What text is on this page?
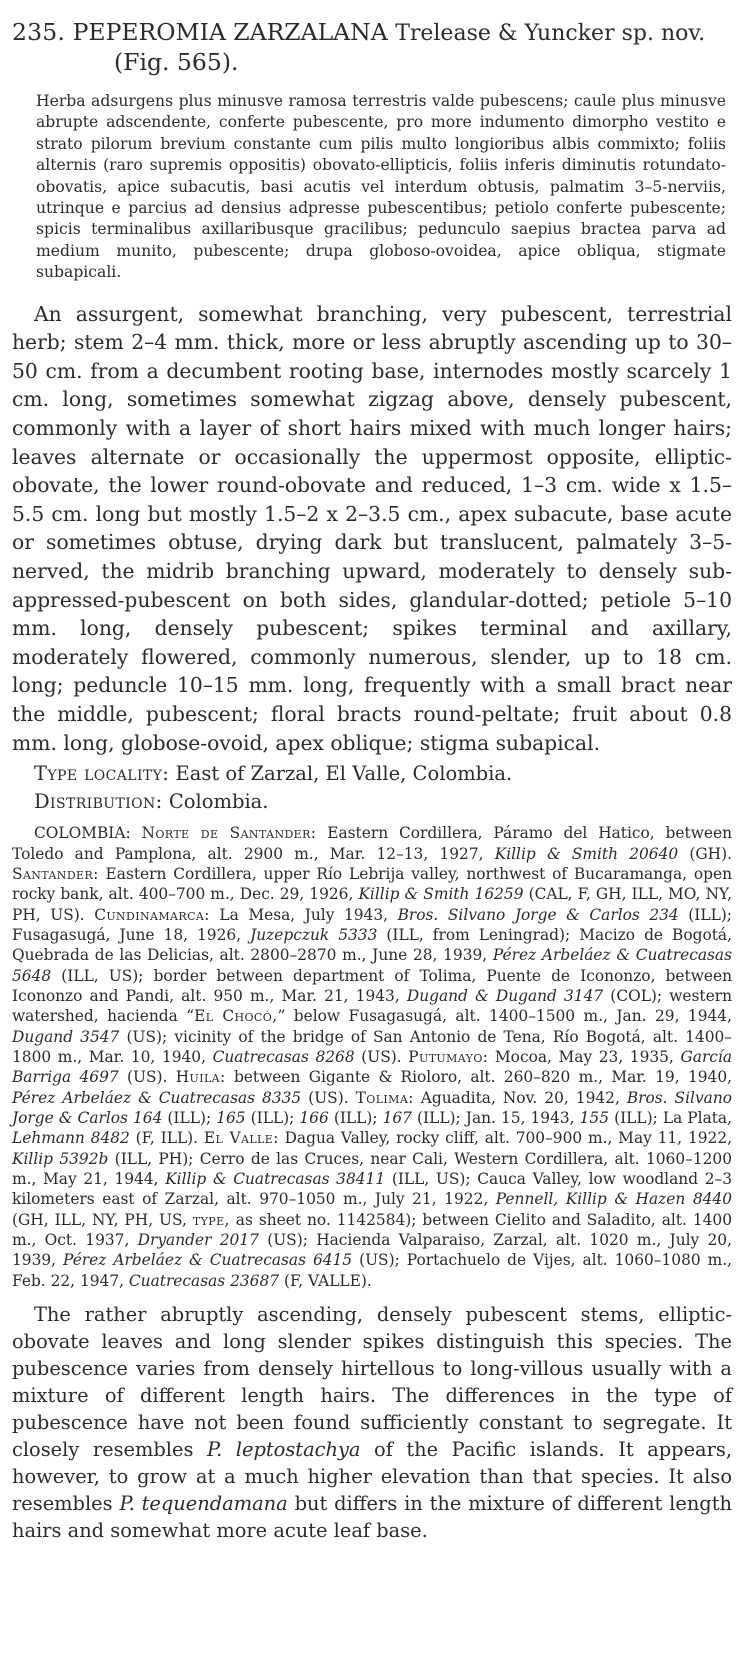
235. PEPEROMIA ZARZALANA Trelease & Yuncker sp. nov.
(Fig. 565).

Herba adsurgens plus minusve ramosa terrestris valde pubescens; caule plus minusve abrupte adscendente, conferte pubescente, pro more indumento dimorpho vestito e strato pilorum brevium constante cum pilis multo longioribus albis commixto; foliis alternis (raro supremis oppositis) obovato-ellipticis, foliis inferis diminutis rotundato-obovatis, apice subacutis, basi acutis vel interdum obtusis, palmatim 3–5-nerviis, utrinque e parcius ad densius adpresse pubescentibus; petiolo conferte pubescente; spicis terminalibus axillaribusque gracilibus; pedunculo saepius bractea parva ad medium munito, pubescente; drupa globoso-ovoidea, apice obliqua, stigmate subapicali.

An assurgent, somewhat branching, very pubescent, terrestrial herb; stem 2–4 mm. thick, more or less abruptly ascending up to 30–50 cm. from a decumbent rooting base, internodes mostly scarcely 1 cm. long, sometimes somewhat zigzag above, densely pubescent, commonly with a layer of short hairs mixed with much longer hairs; leaves alternate or occasionally the uppermost opposite, elliptic-obovate, the lower round-obovate and reduced, 1–3 cm. wide x 1.5–5.5 cm. long but mostly 1.5–2 x 2–3.5 cm., apex subacute, base acute or sometimes obtuse, drying dark but translucent, palmately 3–5-nerved, the midrib branching upward, moderately to densely sub-appressed-pubescent on both sides, glandular-dotted; petiole 5–10 mm. long, densely pubescent; spikes terminal and axillary, moderately flowered, commonly numerous, slender, up to 18 cm. long; peduncle 10–15 mm. long, frequently with a small bract near the middle, pubescent; floral bracts round-peltate; fruit about 0.8 mm. long, globose-ovoid, apex oblique; stigma subapical.

Type locality: East of Zarzal, El Valle, Colombia.

Distribution: Colombia.

COLOMBIA: Norte de Santander: Eastern Cordillera, Páramo del Hatico, between Toledo and Pamplona, alt. 2900 m., Mar. 12–13, 1927, Killip & Smith 20640 (GH). Santander: Eastern Cordillera, upper Río Lebrija valley, northwest of Bucaramanga, open rocky bank, alt. 400–700 m., Dec. 29, 1926, Killip & Smith 16259 (CAL, F, GH, ILL, MO, NY, PH, US). Cundinamarca: La Mesa, July 1943, Bros. Silvano Jorge & Carlos 234 (ILL); Fusagasugá, June 18, 1926, Juzepczuk 5333 (ILL, from Leningrad); Macizo de Bogotá, Quebrada de las Delicias, alt. 2800–2870 m., June 28, 1939, Pérez Arbeláez & Cuatrecasas 5648 (ILL, US); border between department of Tolima, Puente de Icononzo, between Icononzo and Pandi, alt. 950 m., Mar. 21, 1943, Dugand & Dugand 3147 (COL); western watershed, hacienda “El Chocó,” below Fusagasugá, alt. 1400–1500 m., Jan. 29, 1944, Dugand 3547 (US); vicinity of the bridge of San Antonio de Tena, Río Bogotá, alt. 1400–1800 m., Mar. 10, 1940, Cuatrecasas 8268 (US). Putumayo: Mocoa, May 23, 1935, García Barriga 4697 (US). Huila: between Gigante & Rioloro, alt. 260–820 m., Mar. 19, 1940, Pérez Arbeláez & Cuatrecasas 8335 (US). Tolima: Aguadita, Nov. 20, 1942, Bros. Silvano Jorge & Carlos 164 (ILL); 165 (ILL); 166 (ILL); 167 (ILL); Jan. 15, 1943, 155 (ILL); La Plata, Lehmann 8482 (F, ILL). El Valle: Dagua Valley, rocky cliff, alt. 700–900 m., May 11, 1922, Killip 5392b (ILL, PH); Cerro de las Cruces, near Cali, Western Cordillera, alt. 1060–1200 m., May 21, 1944, Killip & Cuatrecasas 38411 (ILL, US); Cauca Valley, low woodland 2–3 kilometers east of Zarzal, alt. 970–1050 m., July 21, 1922, Pennell, Killip & Hazen 8440 (GH, ILL, NY, PH, US, type, as sheet no. 1142584); between Cielito and Saladito, alt. 1400 m., Oct. 1937, Dryander 2017 (US); Hacienda Valparaiso, Zarzal, alt. 1020 m., July 20, 1939, Pérez Arbeláez & Cuatrecasas 6415 (US); Portachuelo de Vijes, alt. 1060–1080 m., Feb. 22, 1947, Cuatrecasas 23687 (F, VALLE).

The rather abruptly ascending, densely pubescent stems, elliptic-obovate leaves and long slender spikes distinguish this species. The pubescence varies from densely hirtellous to long-villous usually with a mixture of different length hairs. The differences in the type of pubescence have not been found sufficiently constant to segregate. It closely resembles P. leptostachya of the Pacific islands. It appears, however, to grow at a much higher elevation than that species. It also resembles P. tequendamana but differs in the mixture of different length hairs and somewhat more acute leaf base.
